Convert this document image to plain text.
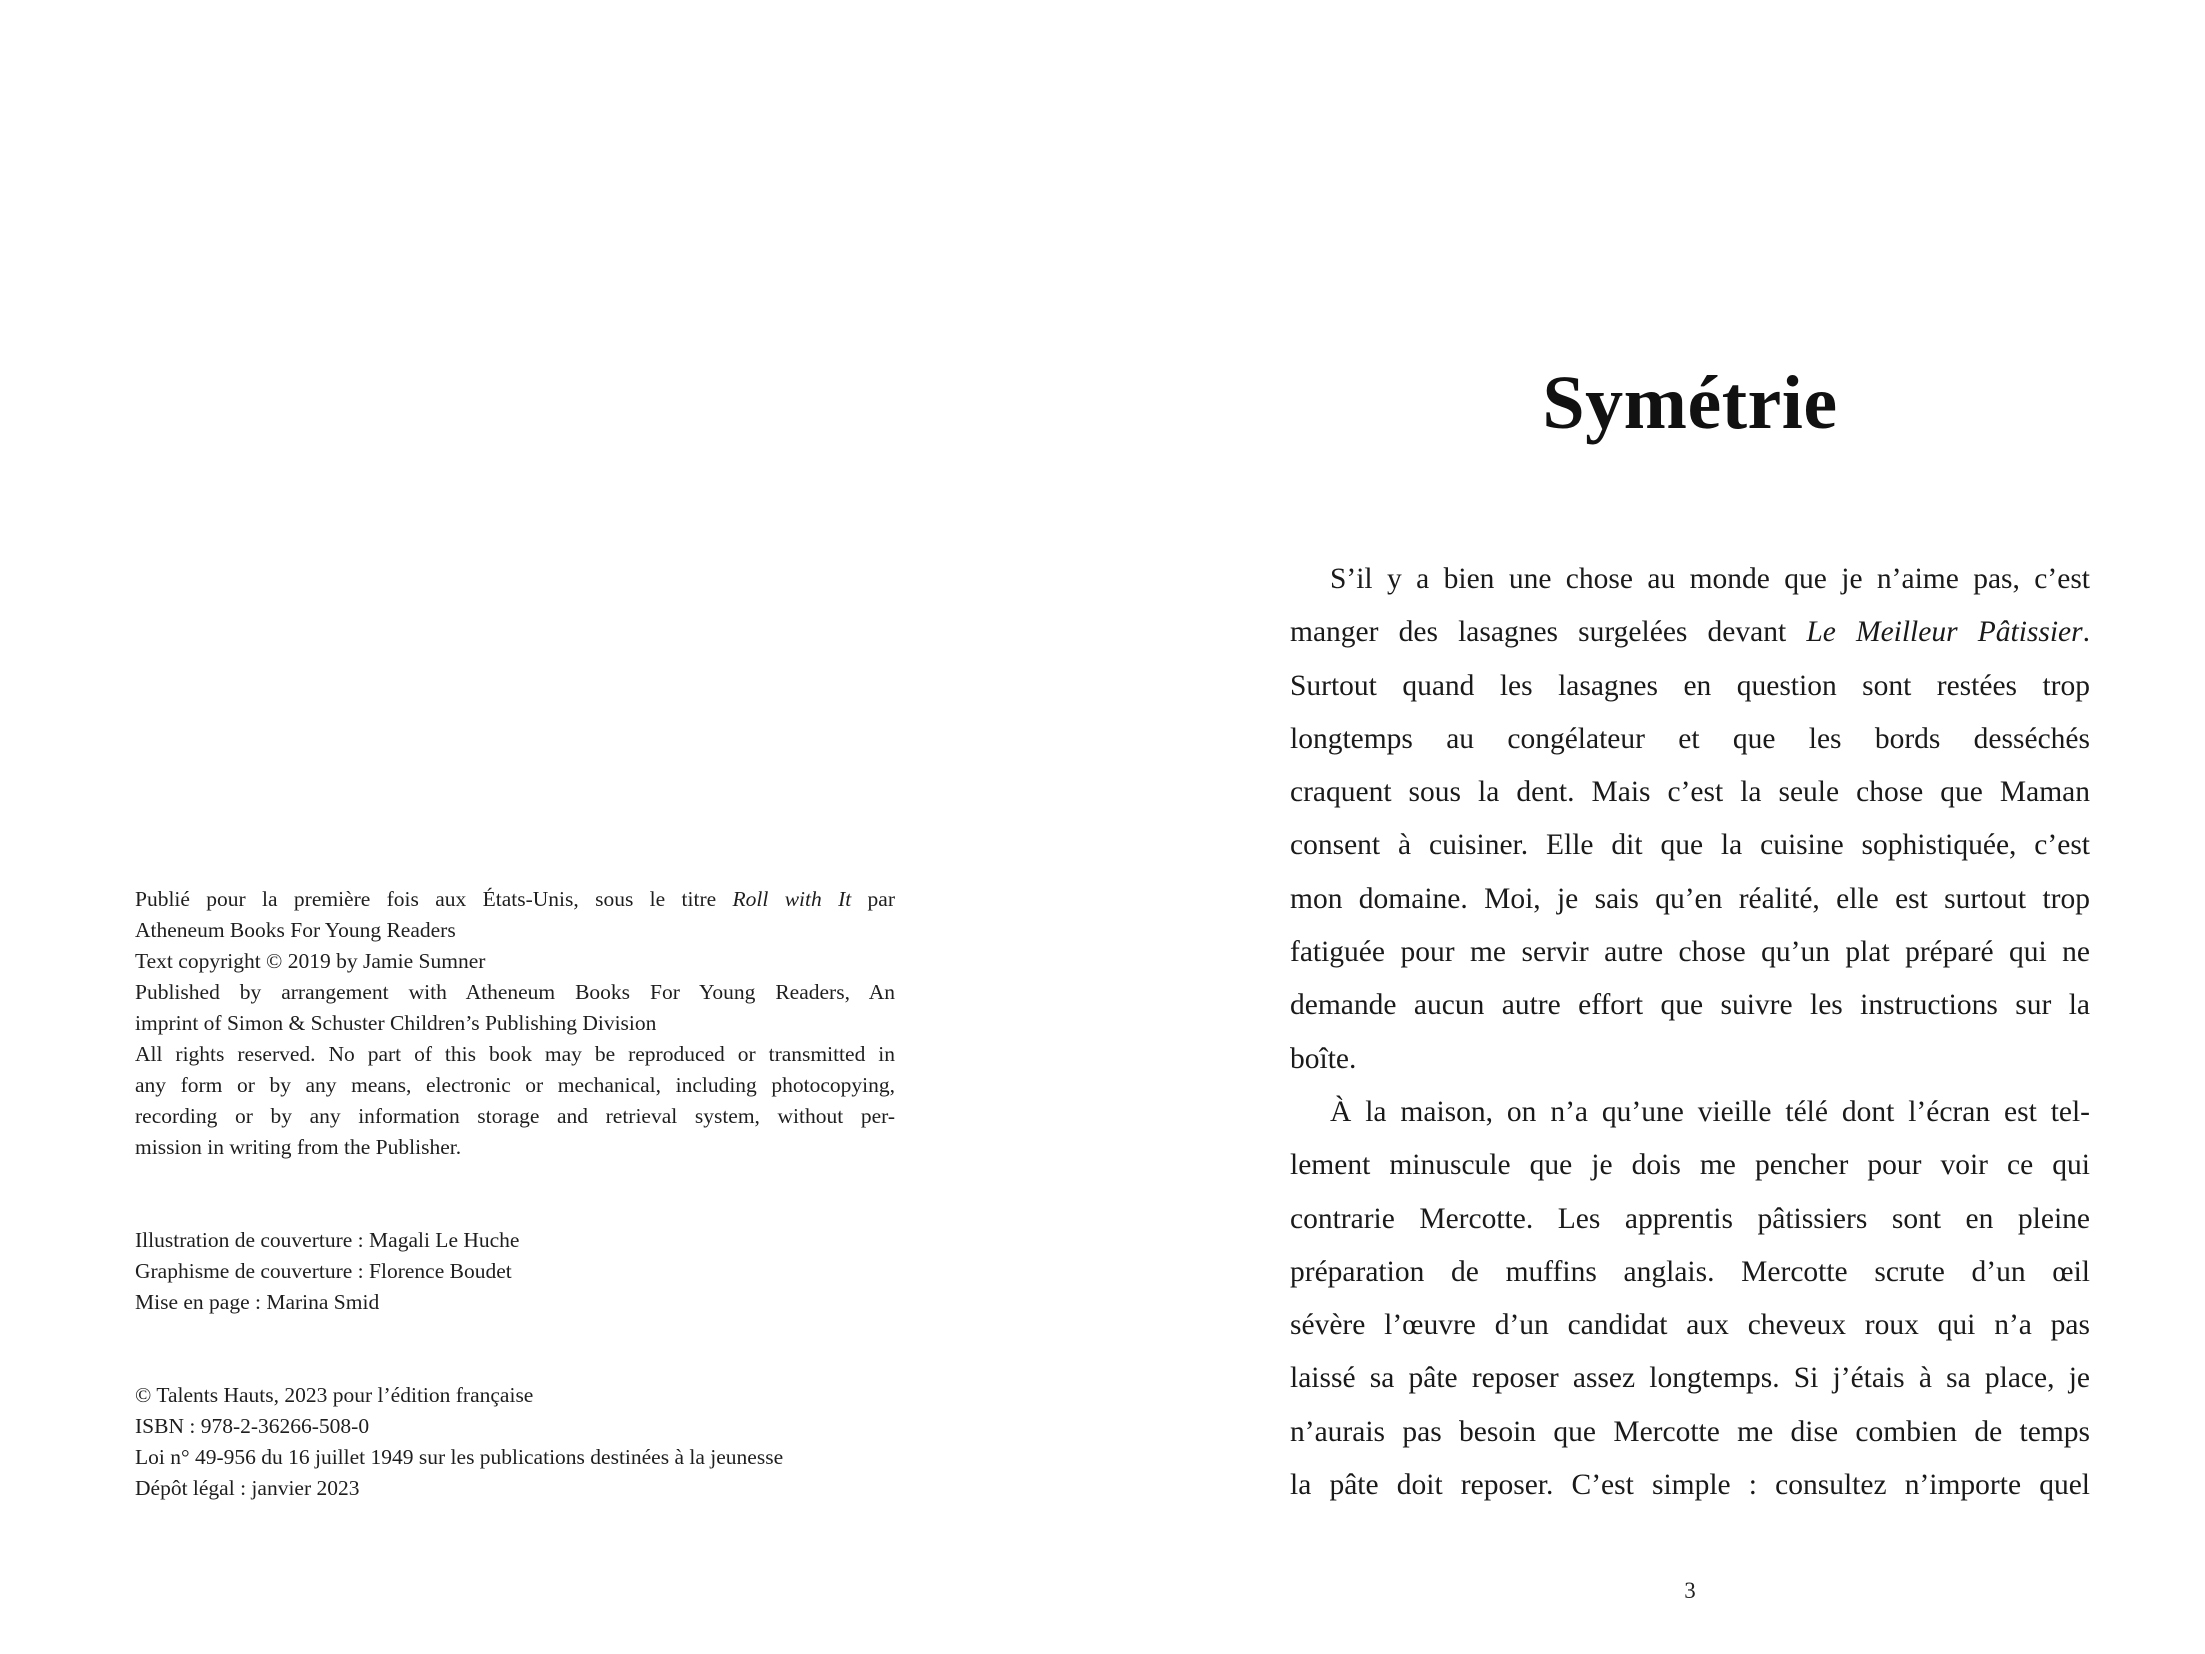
Publié pour la première fois aux États-Unis, sous le titre Roll with It par
Atheneum Books For Young Readers
Text copyright © 2019 by Jamie Sumner
Published by arrangement with Atheneum Books For Young Readers, An
imprint of Simon & Schuster Children’s Publishing Division
All rights reserved. No part of this book may be reproduced or transmitted in
any form or by any means, electronic or mechanical, including photocopying,
recording or by any information storage and retrieval system, without per-
mission in writing from the Publisher.
Illustration de couverture : Magali Le Huche
Graphisme de couverture : Florence Boudet
Mise en page : Marina Smid
© Talents Hauts, 2023 pour l’édition française
ISBN : 978-2-36266-508-0
Loi n° 49-956 du 16 juillet 1949 sur les publications destinées à la jeunesse
Dépôt légal : janvier 2023
Symétrie
S’il y a bien une chose au monde que je n’aime pas, c’est
manger des lasagnes surgelées devant Le Meilleur Pâtissier.
Surtout quand les lasagnes en question sont restées trop
longtemps au congélateur et que les bords desséchés
craquent sous la dent. Mais c’est la seule chose que Maman
consent à cuisiner. Elle dit que la cuisine sophistiquée, c’est
mon domaine. Moi, je sais qu’en réalité, elle est surtout trop
fatiguée pour me servir autre chose qu’un plat préparé qui ne
demande aucun autre effort que suivre les instructions sur la
boîte.
À la maison, on n’a qu’une vieille télé dont l’écran est tel-
lement minuscule que je dois me pencher pour voir ce qui
contrarie Mercotte. Les apprentis pâtissiers sont en pleine
préparation de muffins anglais. Mercotte scrute d’un œil
sévère l’œuvre d’un candidat aux cheveux roux qui n’a pas
laissé sa pâte reposer assez longtemps. Si j’étais à sa place, je
n’aurais pas besoin que Mercotte me dise combien de temps
la pâte doit reposer. C’est simple : consultez n’importe quel
3
